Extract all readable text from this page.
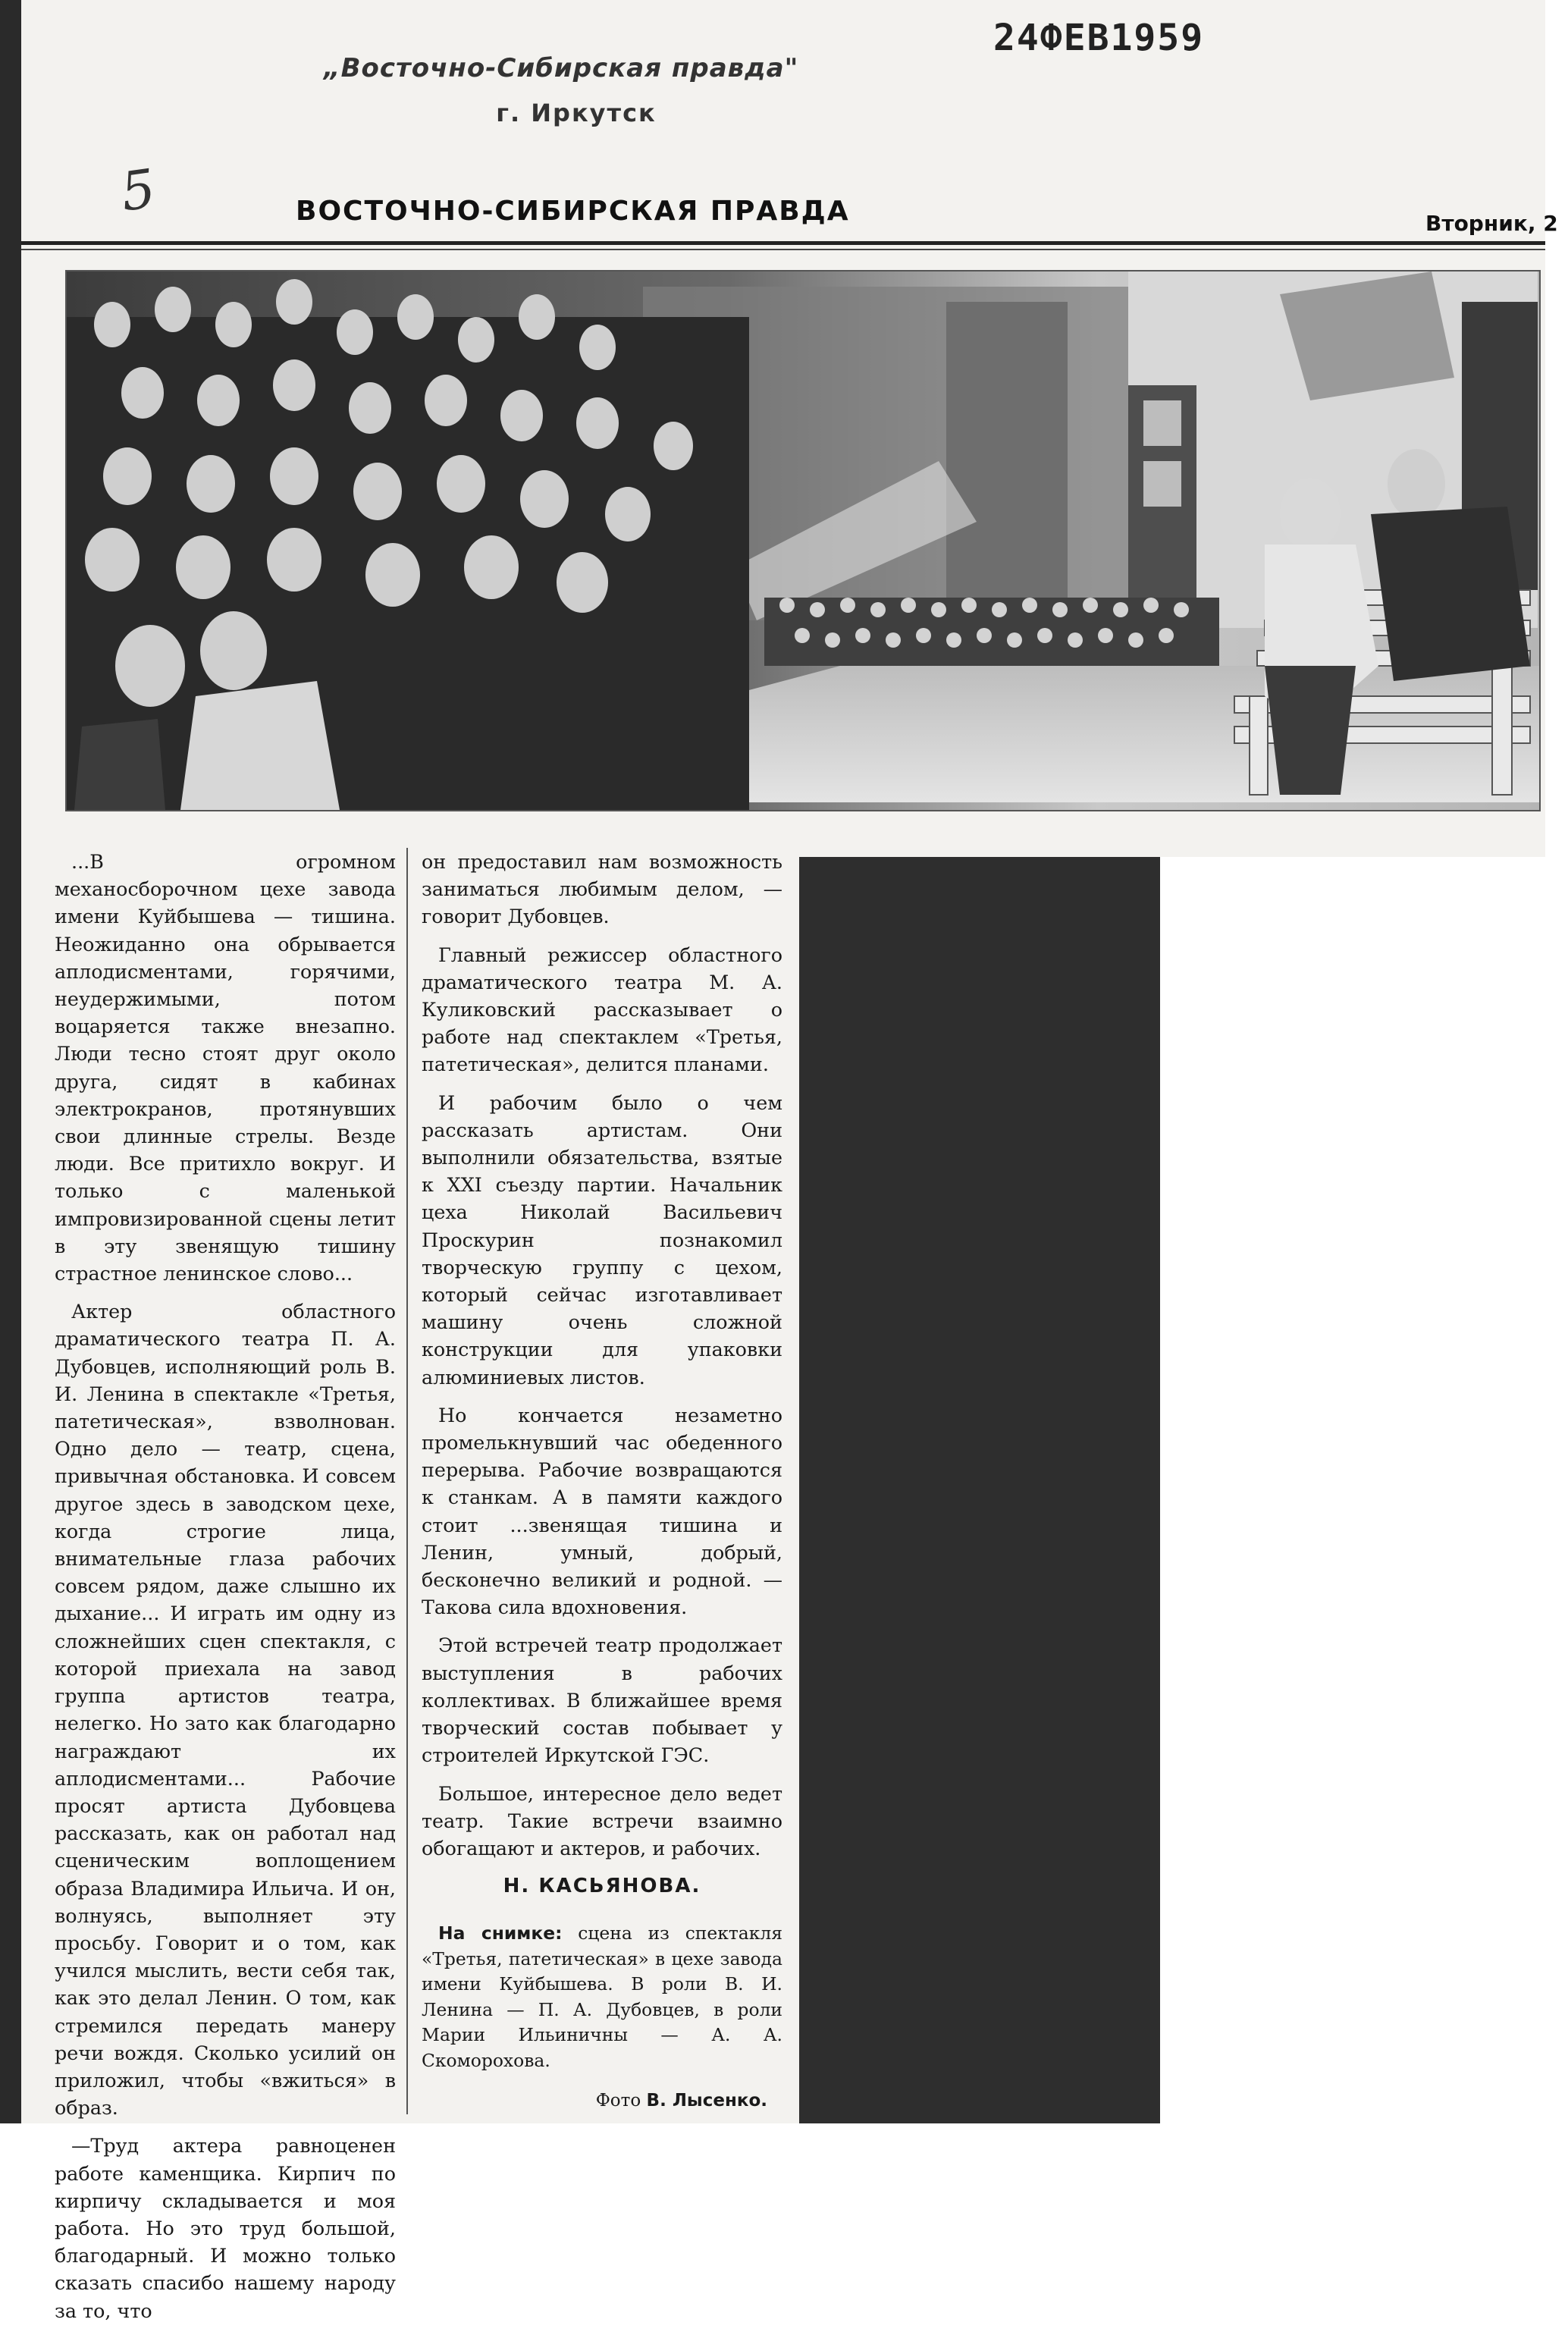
24ФЕВ1959
„Восточно-Сибирская правда"
г. Иркутск
5	ВОСТОЧНО-СИБИРСКАЯ ПРАВДА	Вторник, 2

...В огромном механосборочном цехе завода имени Куйбышева — тишина. Неожиданно она обрывается аплодисментами, горячими, неудержимыми, потом воцаряется также внезапно. Люди тесно стоят друг около друга, сидят в кабинах электрокранов, протянувших свои длинные стрелы. Везде люди. Все притихло вокруг. И только с маленькой импровизированной сцены летит в эту звенящую тишину страстное ленинское слово...

Актер областного драматического театра П. А. Дубовцев, исполняющий роль В. И. Ленина в спектакле «Третья, патетическая», взволнован. Одно дело — театр, сцена, привычная обстановка. И совсем другое здесь в заводском цехе, когда строгие лица, внимательные глаза рабочих совсем рядом, даже слышно их дыхание... И играть им одну из сложнейших сцен спектакля, с которой приехала на завод группа артистов театра, нелегко. Но зато как благодарно награждают их аплодисментами... Рабочие просят артиста Дубовцева рассказать, как он работал над сценическим воплощением образа Владимира Ильича. И он, волнуясь, выполняет эту просьбу. Говорит и о том, как учился мыслить, вести себя так, как это делал Ленин. О том, как стремился передать манеру речи вождя. Сколько усилий он приложил, чтобы «вжиться» в образ.

—Труд актера равноценен работе каменщика. Кирпич по кирпичу складывается и моя работа. Но это труд большой, благодарный. И можно только сказать спасибо нашему народу за то, что

он предоставил нам возможность заниматься любимым делом, — говорит Дубовцев.

Главный режиссер областного драматического театра М. А. Куликовский рассказывает о работе над спектаклем «Третья, патетическая», делится планами.

И рабочим было о чем рассказать артистам. Они выполнили обязательства, взятые к XXI съезду партии. Начальник цеха Николай Васильевич Проскурин познакомил творческую группу с цехом, который сейчас изготавливает машину очень сложной конструкции для упаковки алюминиевых листов.

Но кончается незаметно промелькнувший час обеденного перерыва. Рабочие возвращаются к станкам. А в памяти каждого стоит ...звенящая тишина и Ленин, умный, добрый, бесконечно великий и родной. — Такова сила вдохновения.

Этой встречей театр продолжает выступления в рабочих коллективах. В ближайшее время творческий состав побывает у строителей Иркутской ГЭС.

Большое, интересное дело ведет театр. Такие встречи взаимно обогащают и актеров, и рабочих.

Н. КАСЬЯНОВА.

На снимке: сцена из спектакля «Третья, патетическая» в цехе завода имени Куйбышева. В роли В. И. Ленина — П. А. Дубовцев, в роли Марии Ильиничны — А. А. Скоморохова.

Фото В. Лысенко.
